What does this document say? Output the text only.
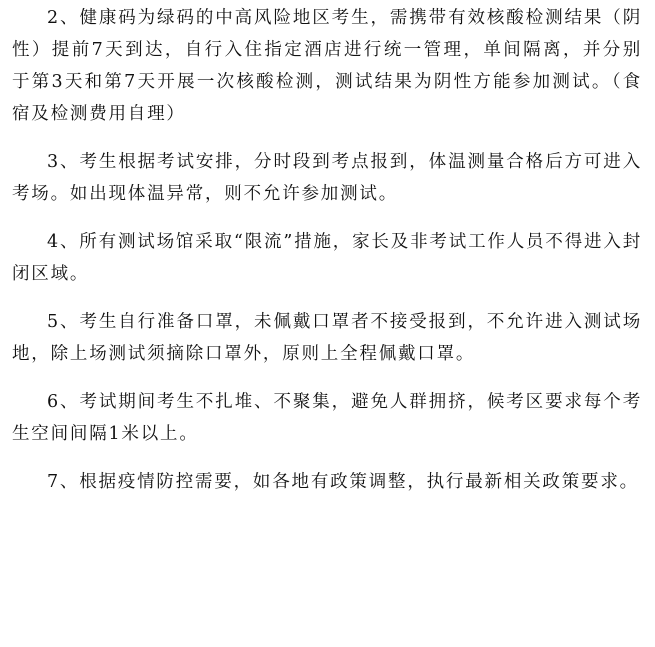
2、健康码为绿码的中高风险地区考生，需携带有效核酸检测结果（阴性）提前7天到达，自行入住指定酒店进行统一管理，单间隔离，并分别于第3天和第7天开展一次核酸检测，测试结果为阴性方能参加测试。（食宿及检测费用自理）

3、考生根据考试安排，分时段到考点报到，体温测量合格后方可进入考场。如出现体温异常，则不允许参加测试。

4、所有测试场馆采取“限流”措施，家长及非考试工作人员不得进入封闭区域。

5、考生自行准备口罩，未佩戴口罩者不接受报到，不允许进入测试场地，除上场测试须摘除口罩外，原则上全程佩戴口罩。

6、考试期间考生不扎堆、不聚集，避免人群拥挤，候考区要求每个考生空间间隔1米以上。

7、根据疫情防控需要，如各地有政策调整，执行最新相关政策要求。
